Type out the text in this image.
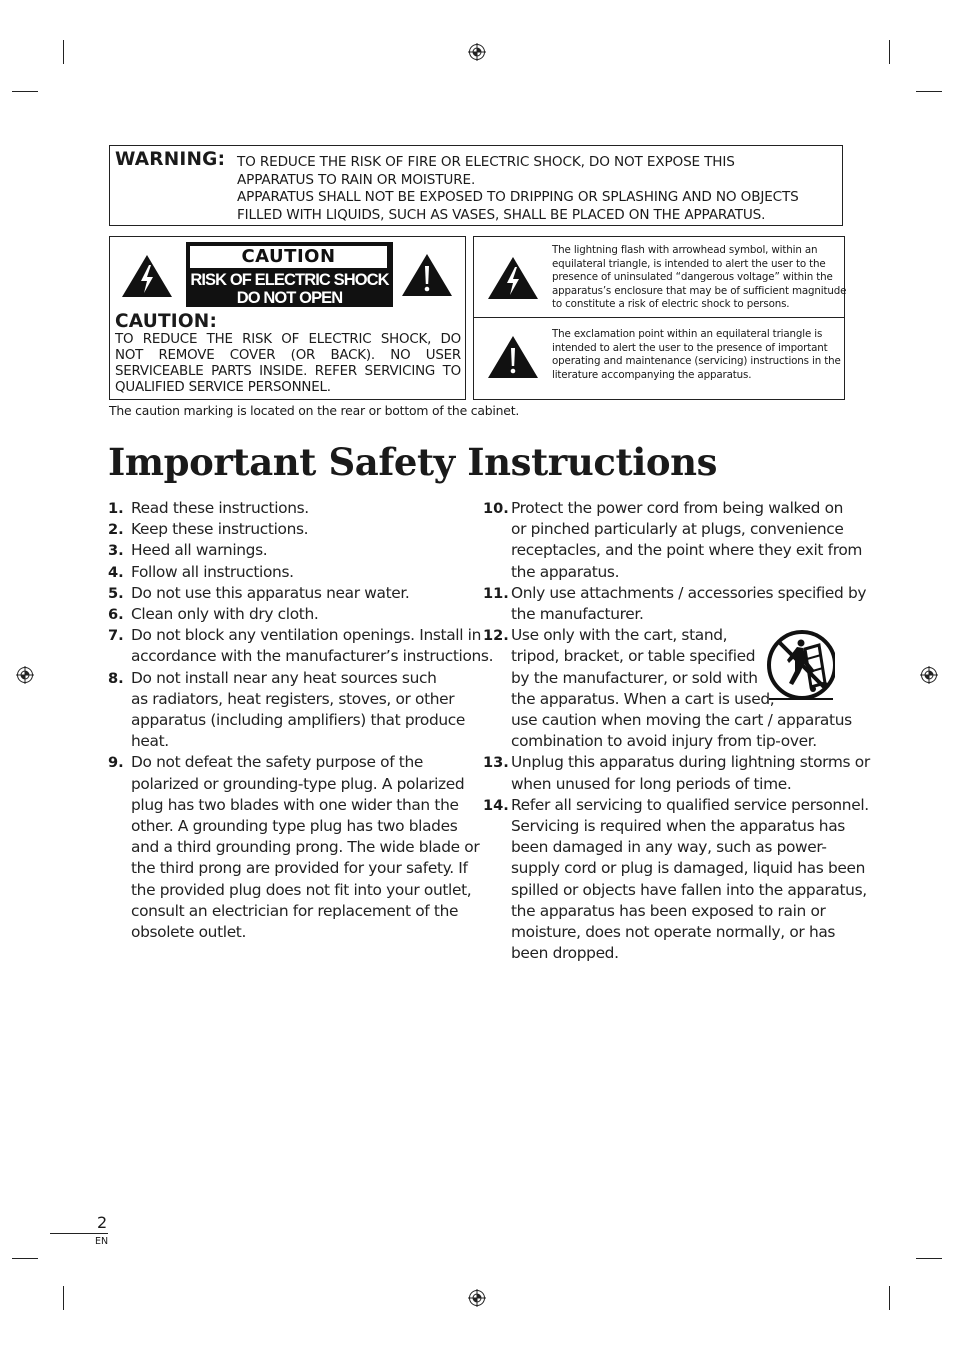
WARNING: TO REDUCE THE RISK OF FIRE OR ELECTRIC SHOCK, DO NOT EXPOSE THIS
APPARATUS TO RAIN OR MOISTURE.
APPARATUS SHALL NOT BE EXPOSED TO DRIPPING OR SPLASHING AND NO OBJECTS
FILLED WITH LIQUIDS, SUCH AS VASES, SHALL BE PLACED ON THE APPARATUS.
CAUTION
RISK OF ELECTRIC SHOCK
DO NOT OPEN
CAUTION:
TO REDUCE THE RISK OF ELECTRIC SHOCK, DO
NOT REMOVE COVER (OR BACK). NO USER
SERVICEABLE PARTS INSIDE. REFER SERVICING TO
QUALIFIED SERVICE PERSONNEL.
The lightning flash with arrowhead symbol, within an
equilateral triangle, is intended to alert the user to the
presence of uninsulated “dangerous voltage” within the
apparatus’s enclosure that may be of sufficient magnitude
to constitute a risk of electric shock to persons.
The exclamation point within an equilateral triangle is
intended to alert the user to the presence of important
operating and maintenance (servicing) instructions in the
literature accompanying the apparatus.
The caution marking is located on the rear or bottom of the cabinet.
Important Safety Instructions
1. Read these instructions.
2. Keep these instructions.
3. Heed all warnings.
4. Follow all instructions.
5. Do not use this apparatus near water.
6. Clean only with dry cloth.
7. Do not block any ventilation openings. Install in
accordance with the manufacturer’s instructions.
8. Do not install near any heat sources such
as radiators, heat registers, stoves, or other
apparatus (including amplifiers) that produce
heat.
9. Do not defeat the safety purpose of the
polarized or grounding-type plug. A polarized
plug has two blades with one wider than the
other. A grounding type plug has two blades
and a third grounding prong. The wide blade or
the third prong are provided for your safety. If
the provided plug does not fit into your outlet,
consult an electrician for replacement of the
obsolete outlet.
10. Protect the power cord from being walked on
or pinched particularly at plugs, convenience
receptacles, and the point where they exit from
the apparatus.
11. Only use attachments / accessories specified by
the manufacturer.
12. Use only with the cart, stand,
tripod, bracket, or table specified
by the manufacturer, or sold with
the apparatus. When a cart is used,
use caution when moving the cart / apparatus
combination to avoid injury from tip-over.
13. Unplug this apparatus during lightning storms or
when unused for long periods of time.
14. Refer all servicing to qualified service personnel.
Servicing is required when the apparatus has
been damaged in any way, such as power-
supply cord or plug is damaged, liquid has been
spilled or objects have fallen into the apparatus,
the apparatus has been exposed to rain or
moisture, does not operate normally, or has
been dropped.
2
EN
